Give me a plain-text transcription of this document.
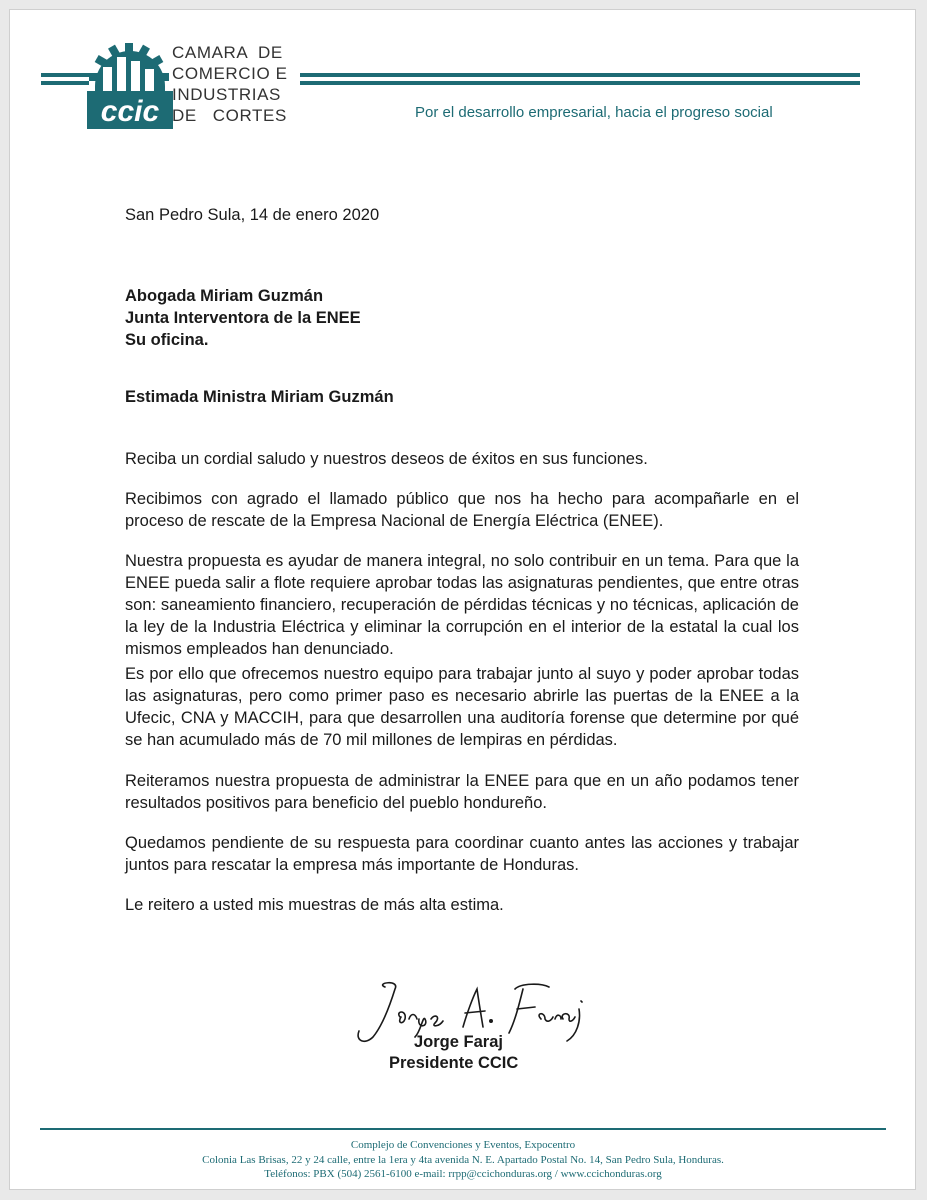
ccic
CAMARA  DE
COMERCIO E
INDUSTRIAS
DE   CORTES	Por el desarrollo empresarial, hacia el progreso social
San Pedro Sula, 14 de enero 2020
Abogada Miriam Guzmán
Junta Interventora de la ENEE
Su oficina.
Estimada Ministra Miriam Guzmán
Reciba un cordial saludo y nuestros deseos de éxitos en sus funciones.
Recibimos con agrado el llamado público que nos ha hecho para acompañarle en el proceso de rescate de la Empresa Nacional de Energía Eléctrica (ENEE).
Nuestra propuesta es ayudar de manera integral, no solo contribuir en un tema. Para que la ENEE pueda salir a flote requiere aprobar todas las asignaturas pendientes, que entre otras son: saneamiento financiero, recuperación de pérdidas técnicas y no técnicas, aplicación de la ley de la Industria Eléctrica y eliminar la corrupción en el interior de la estatal la cual los mismos empleados han denunciado.
Es por ello que ofrecemos nuestro equipo para trabajar junto al suyo y poder aprobar todas las asignaturas, pero como primer paso es necesario abrirle las puertas de la ENEE a la Ufecic, CNA y MACCIH, para que desarrollen una auditoría forense que determine por qué se han acumulado más de 70 mil millones de lempiras en pérdidas.
Reiteramos nuestra propuesta de administrar la ENEE para que en un año podamos tener resultados positivos para beneficio del pueblo hondureño.
Quedamos pendiente de su respuesta para coordinar cuanto antes las acciones y trabajar juntos para rescatar la empresa más importante de Honduras.
Le reitero a usted mis muestras de más alta estima.
Jorge Faraj
Presidente CCIC
Complejo de Convenciones y Eventos, Expocentro
Colonia Las Brisas, 22 y 24 calle, entre la 1era y 4ta avenida N. E. Apartado Postal No. 14, San Pedro Sula, Honduras.
Teléfonos: PBX (504) 2561-6100 e-mail: rrpp@ccichonduras.org / www.ccichonduras.org
